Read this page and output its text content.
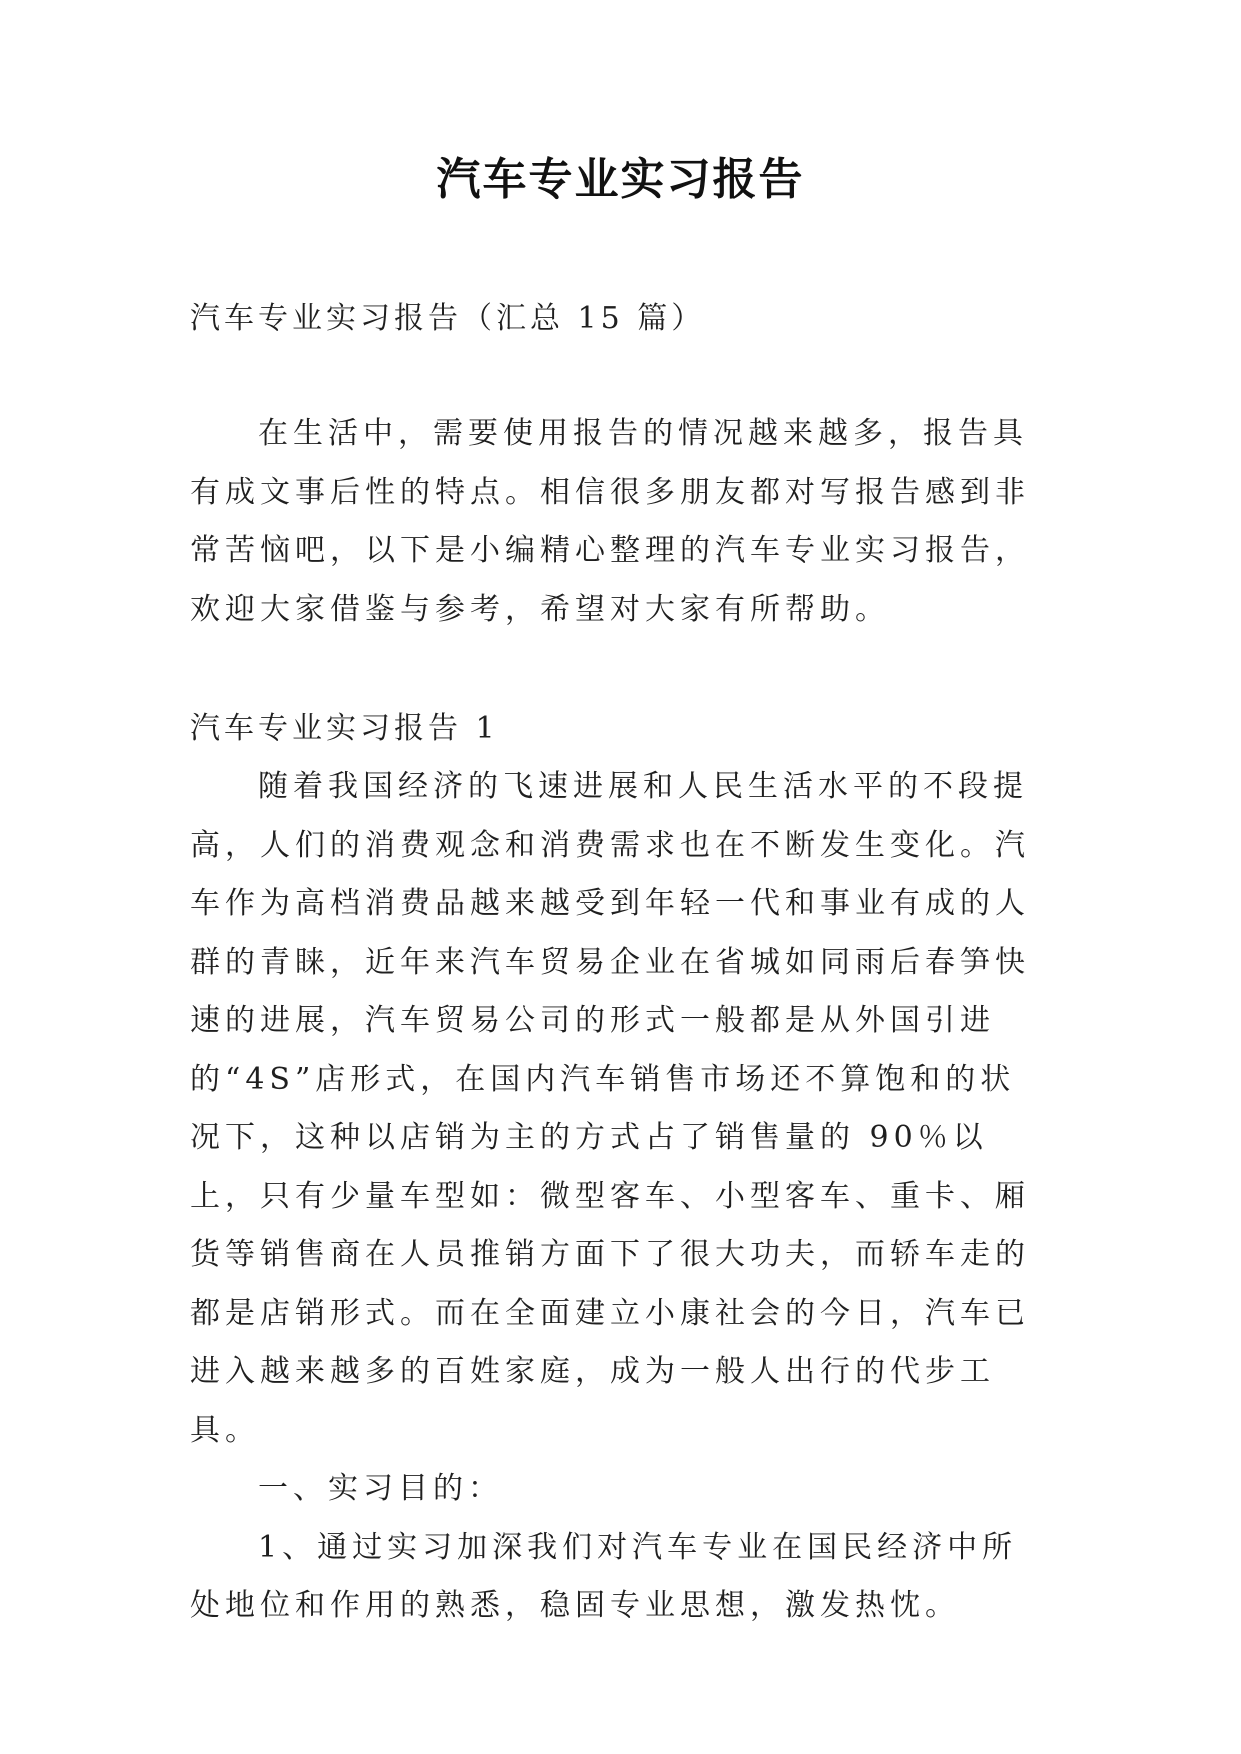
汽车专业实习报告
汽车专业实习报告（汇总 15 篇）

在生活中，需要使用报告的情况越来越多，报告具有成文事后性的特点。相信很多朋友都对写报告感到非常苦恼吧，以下是小编精心整理的汽车专业实习报告，欢迎大家借鉴与参考，希望对大家有所帮助。

汽车专业实习报告 1

随着我国经济的飞速进展和人民生活水平的不段提高，人们的消费观念和消费需求也在不断发生变化。汽车作为高档消费品越来越受到年轻一代和事业有成的人群的青睐，近年来汽车贸易企业在省城如同雨后春笋快速的进展，汽车贸易公司的形式一般都是从外国引进的“4S”店形式，在国内汽车销售市场还不算饱和的状况下，这种以店销为主的方式占了销售量的 90％以上，只有少量车型如：微型客车、小型客车、重卡、厢货等销售商在人员推销方面下了很大功夫，而轿车走的都是店销形式。而在全面建立小康社会的今日，汽车已进入越来越多的百姓家庭，成为一般人出行的代步工具。

一、实习目的：

1、通过实习加深我们对汽车专业在国民经济中所处地位和作用的熟悉，稳固专业思想，激发热忱。
